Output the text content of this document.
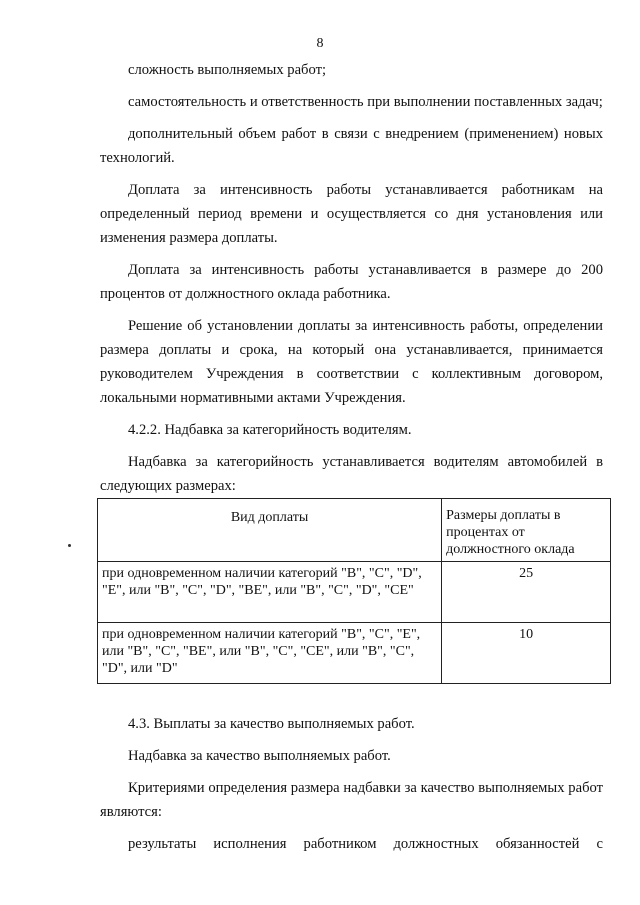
8

сложность выполняемых работ;

самостоятельность и ответственность при выполнении поставленных задач;

дополнительный объем работ в связи с внедрением (применением) новых технологий.

Доплата за интенсивность работы устанавливается работникам на определенный период времени и осуществляется со дня установления или изменения размера доплаты.

Доплата за интенсивность работы устанавливается в размере до 200 процентов от должностного оклада работника.

Решение об установлении доплаты за интенсивность работы, определении размера доплаты и срока, на который она устанавливается, принимается руководителем Учреждения в соответствии с коллективным договором, локальными нормативными актами Учреждения.

4.2.2. Надбавка за категорийность водителям.

Надбавка за категорийность устанавливается водителям автомобилей в следующих размерах:

Вид доплаты	Размеры доплаты в процентах от должностного оклада
при одновременном наличии категорий "B", "C", "D", "E", или "B", "C", "D", "BE", или "B", "C", "D", "CE"	25
при одновременном наличии категорий "B", "C", "E", или "B", "C", "BE", или "B", "C", "CE", или "B", "C", "D", или "D"	10

4.3. Выплаты за качество выполняемых работ.

Надбавка за качество выполняемых работ.

Критериями определения размера надбавки за качество выполняемых работ являются:

результаты исполнения работником должностных обязанностей с
